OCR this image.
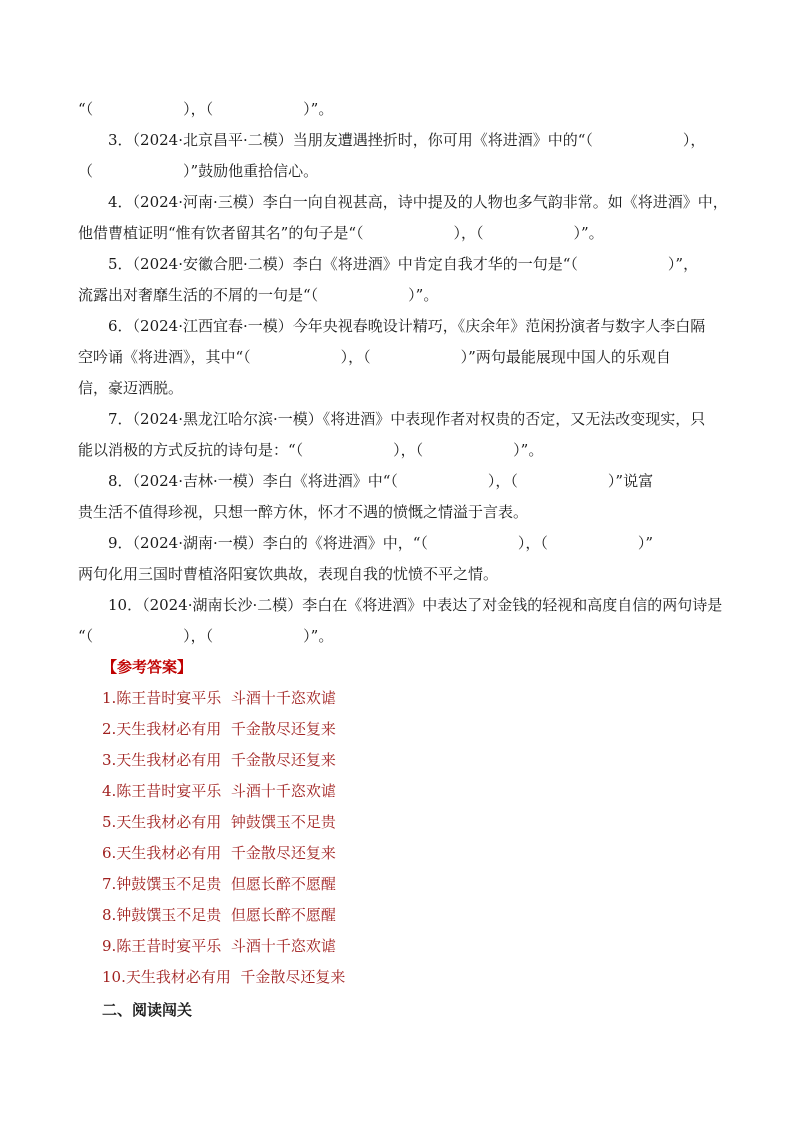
“（　　　　　　），（　　　　　　）”。
3．（2024·北京昌平·二模）当朋友遭遇挫折时，你可用《将进酒》中的“（　　　　　　），
（　　　　　　）”鼓励他重拾信心。
4．（2024·河南·三模）李白一向自视甚高，诗中提及的人物也多气韵非常。如《将进酒》中，
他借曹植证明“惟有饮者留其名”的句子是“（　　　　　　），（　　　　　　）”。
5．（2024·安徽合肥·二模）李白《将进酒》中肯定自我才华的一句是“（　　　　　　）”，
流露出对奢靡生活的不屑的一句是“（　　　　　　）”。
6．（2024·江西宜春·一模）今年央视春晚设计精巧，《庆余年》范闲扮演者与数字人李白隔
空吟诵《将进酒》，其中“（　　　　　　），（　　　　　　）”两句最能展现中国人的乐观自
信，豪迈洒脱。
7．（2024·黑龙江哈尔滨·一模）《将进酒》中表现作者对权贵的否定，又无法改变现实，只
能以消极的方式反抗的诗句是：“（　　　　　　），（　　　　　　）”。
8．（2024·吉林·一模）李白《将进酒》中“（　　　　　　），（　　　　　　）”说富
贵生活不值得珍视，只想一醉方休，怀才不遇的愤慨之情溢于言表。
9．（2024·湖南·一模）李白的《将进酒》中，“（　　　　　　），（　　　　　　）”
两句化用三国时曹植洛阳宴饮典故，表现自我的忧愤不平之情。
10．（2024·湖南长沙·二模）李白在《将进酒》中表达了对金钱的轻视和高度自信的两句诗是
“（　　　　　　），（　　　　　　）”。
【参考答案】
1.陈王昔时宴平乐  斗酒十千恣欢谑
2.天生我材必有用  千金散尽还复来
3.天生我材必有用  千金散尽还复来
4.陈王昔时宴平乐  斗酒十千恣欢谑
5.天生我材必有用  钟鼓馔玉不足贵
6.天生我材必有用  千金散尽还复来
7.钟鼓馔玉不足贵  但愿长醉不愿醒
8.钟鼓馔玉不足贵  但愿长醉不愿醒
9.陈王昔时宴平乐  斗酒十千恣欢谑
10.天生我材必有用  千金散尽还复来
二、阅读闯关
